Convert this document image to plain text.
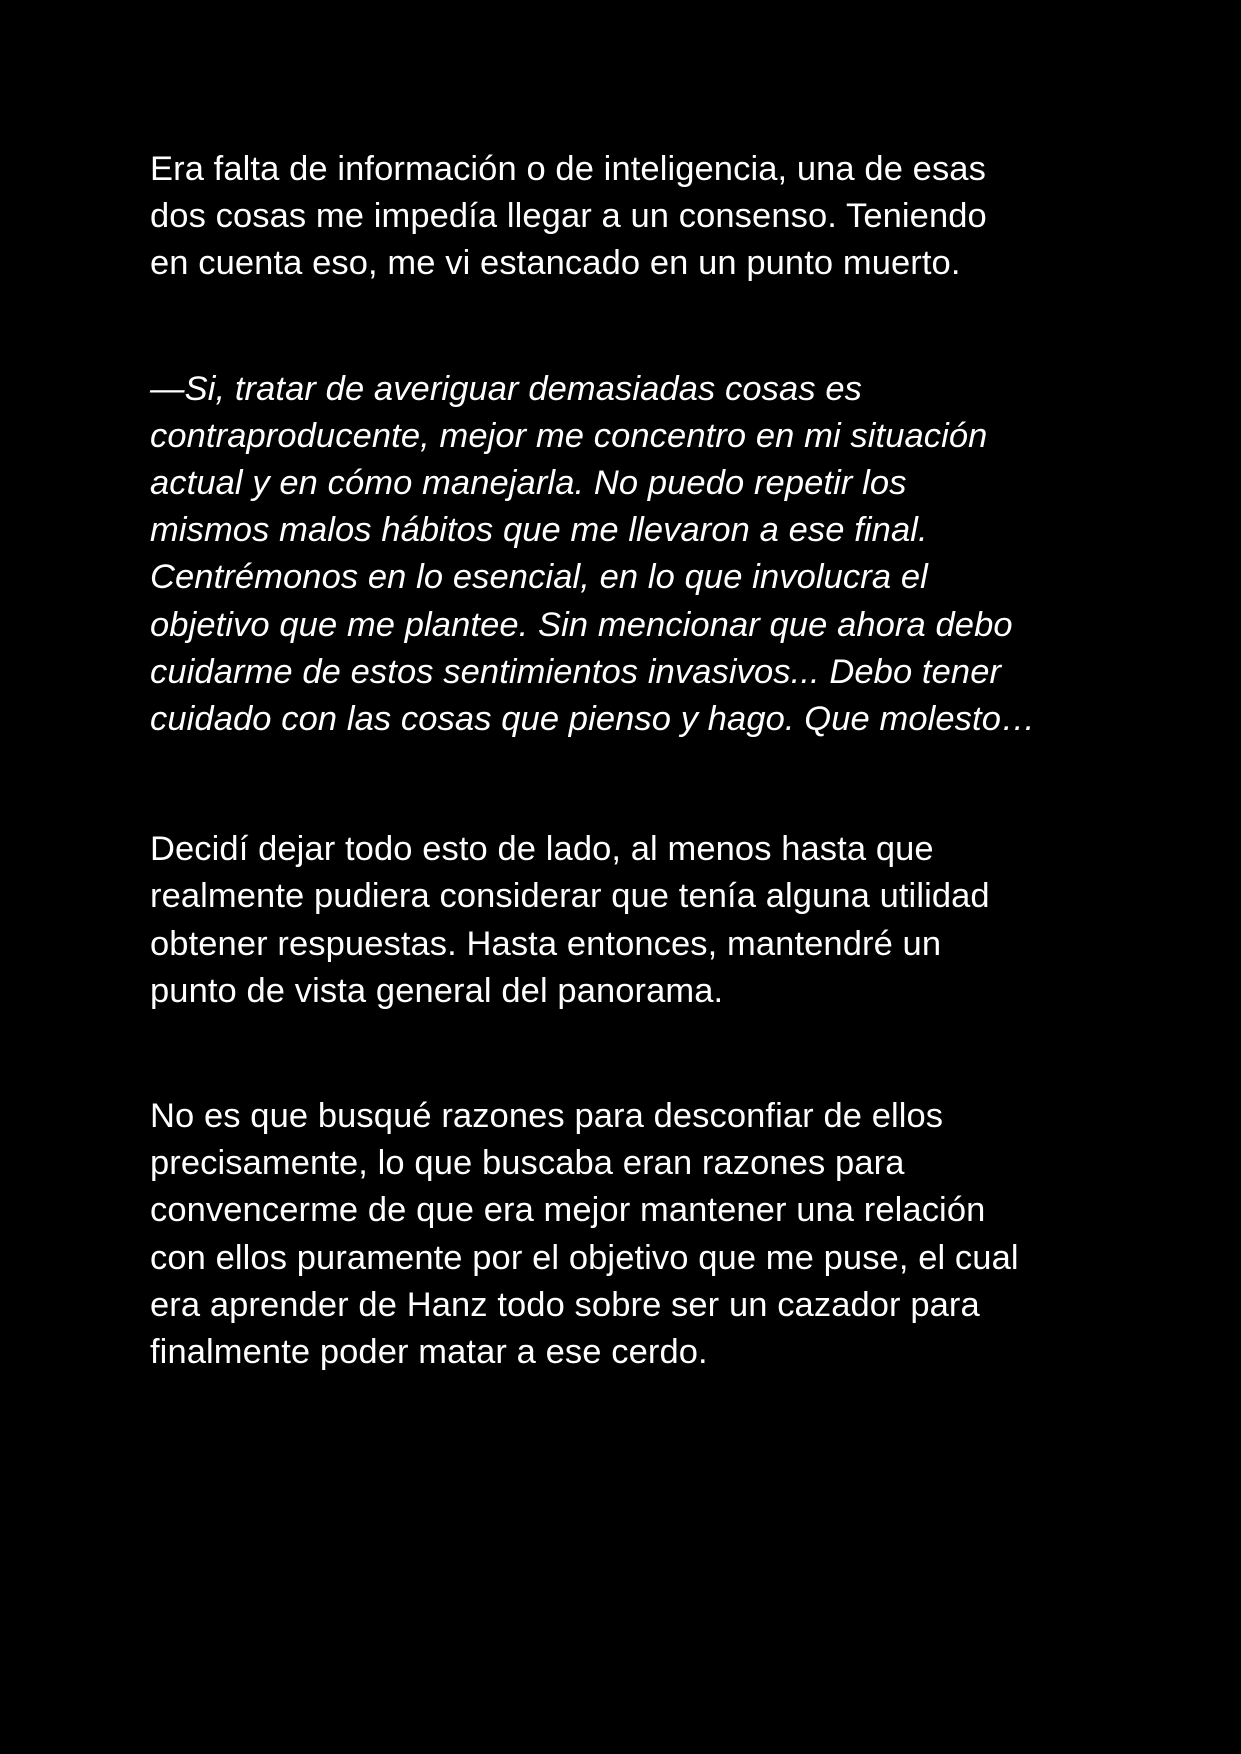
Era falta de información o de inteligencia, una de esas
dos cosas me impedía llegar a un consenso. Teniendo
en cuenta eso, me vi estancado en un punto muerto.

—Si, tratar de averiguar demasiadas cosas es
contraproducente, mejor me concentro en mi situación
actual y en cómo manejarla. No puedo repetir los
mismos malos hábitos que me llevaron a ese final.
Centrémonos en lo esencial, en lo que involucra el
objetivo que me plantee. Sin mencionar que ahora debo
cuidarme de estos sentimientos invasivos... Debo tener
cuidado con las cosas que pienso y hago. Que molesto…

Decidí dejar todo esto de lado, al menos hasta que
realmente pudiera considerar que tenía alguna utilidad
obtener respuestas. Hasta entonces, mantendré un
punto de vista general del panorama.

No es que busqué razones para desconfiar de ellos
precisamente, lo que buscaba eran razones para
convencerme de que era mejor mantener una relación
con ellos puramente por el objetivo que me puse, el cual
era aprender de Hanz todo sobre ser un cazador para
finalmente poder matar a ese cerdo.
